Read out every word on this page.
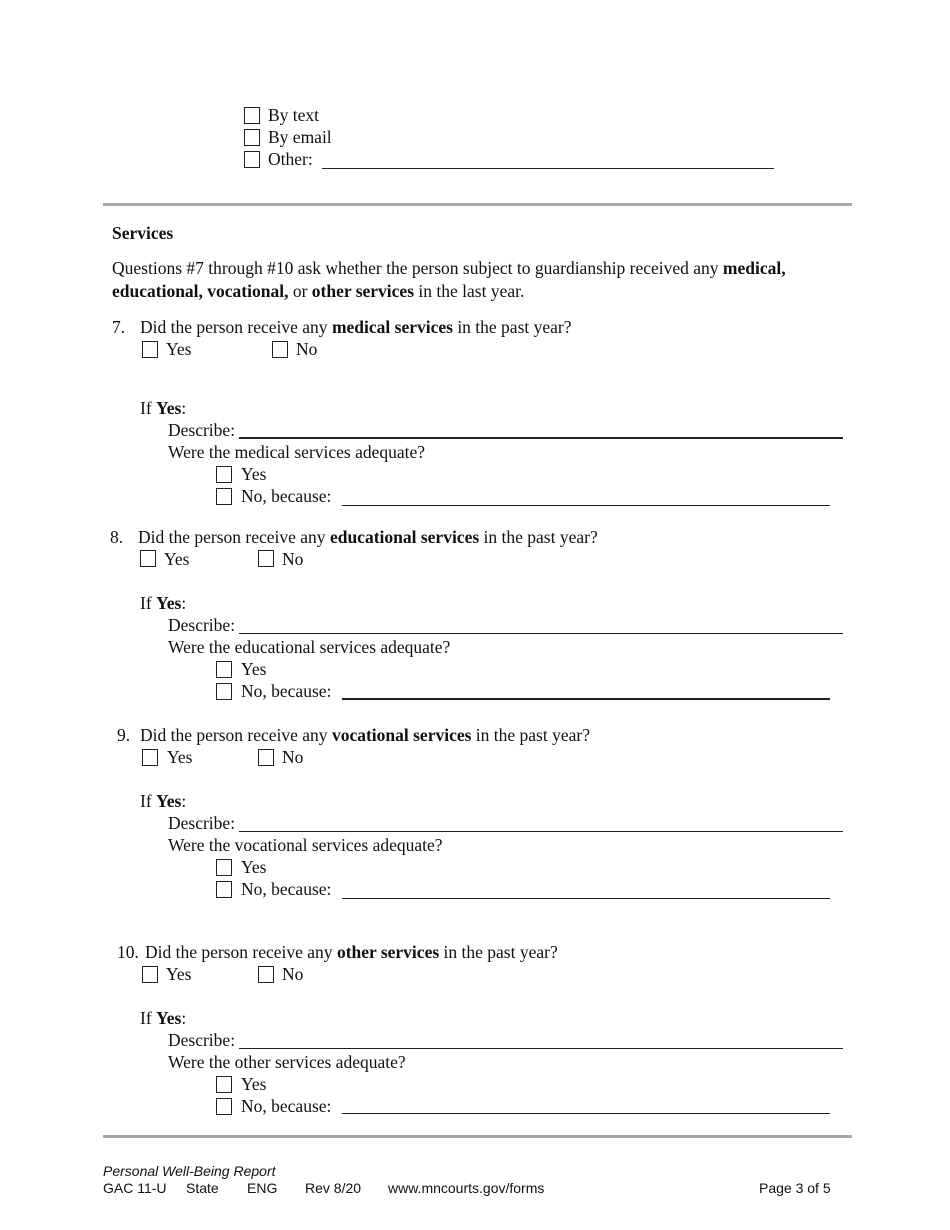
By text
By email
Other:
Services
Questions #7 through #10 ask whether the person subject to guardianship received any medical, educational, vocational, or other services in the last year.
7. Did the person receive any medical services in the past year?
Yes	No
If Yes:
Describe:
Were the medical services adequate?
Yes
No, because:
8. Did the person receive any educational services in the past year?
Yes	No
If Yes:
Describe:
Were the educational services adequate?
Yes
No, because:
9. Did the person receive any vocational services in the past year?
Yes	No
If Yes:
Describe:
Were the vocational services adequate?
Yes
No, because:
10. Did the person receive any other services in the past year?
Yes	No
If Yes:
Describe:
Were the other services adequate?
Yes
No, because:
Personal Well-Being Report
GAC 11-U State ENG Rev 8/20 www.mncourts.gov/forms	Page 3 of 5
